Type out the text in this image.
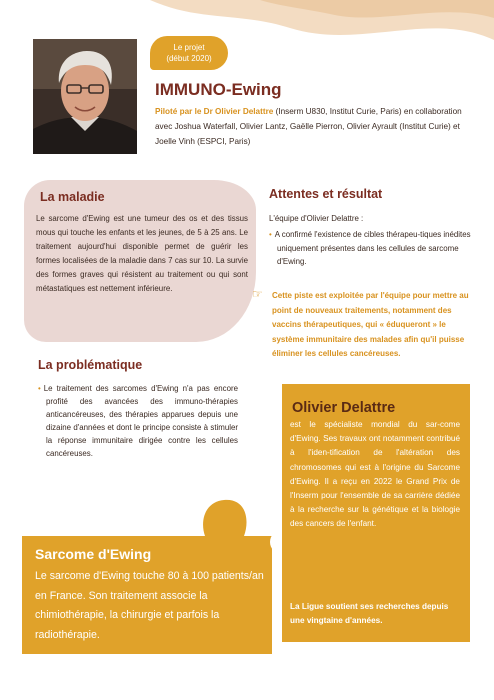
Le projet
(début 2020)
IMMUNO-Ewing
Piloté par le Dr Olivier Delattre (Inserm U830, Institut Curie, Paris) en collaboration avec Joshua Waterfall, Olivier Lantz, Gaëlle Pierron, Olivier Ayrault (Institut Curie) et Joelle Vinh (ESPCI, Paris)
La maladie
Le sarcome d'Ewing est une tumeur des os et des tissus mous qui touche les enfants et les jeunes, de 5 à 25 ans. Le traitement aujourd'hui disponible permet de guérir les formes localisées de la maladie dans 7 cas sur 10. La survie des formes graves qui résistent au traitement ou qui sont métastatiques est nettement inférieure.
La problématique
• Le traitement des sarcomes d'Ewing n'a pas encore profité des avancées des immuno-thérapies anticancéreuses, des thérapies apparues depuis une dizaine d'années et dont le principe consiste à stimuler la réponse immunitaire dirigée contre les cellules cancéreuses.
Attentes et résultat
L'équipe d'Olivier Delattre :
• A confirmé l'existence de cibles thérapeu-tiques inédites uniquement présentes dans les cellules de sarcome d'Ewing.
☞	Cette piste est exploitée par l'équipe pour mettre au point de nouveaux traitements, notamment des vaccins thérapeutiques, qui « éduqueront » le système immunitaire des malades afin qu'il puisse éliminer les cellules cancéreuses.
Sarcome d'Ewing
Le sarcome d'Ewing touche 80 à 100 patients/an en France. Son traitement associe la chimiothérapie, la chirurgie et parfois la radiothérapie.
Olivier Delattre
est le spécialiste mondial du sar-come d'Ewing. Ses travaux ont notamment contribué à l'iden-tification de l'altération des chromosomes qui est à l'origine du Sarcome d'Ewing. Il a reçu en 2022 le Grand Prix de l'Inserm pour l'ensemble de sa carrière dédiée à la recherche sur la génétique et la biologie des cancers de l'enfant.
La Ligue soutient ses recherches depuis une vingtaine d'années.
